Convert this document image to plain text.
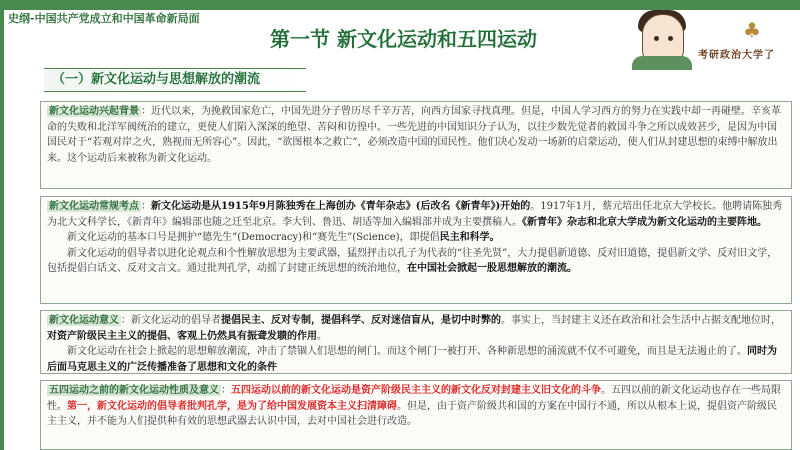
史纲-中国共产党成立和中国革命新局面
第一节 新文化运动和五四运动	♣
考研政治大学了
（一）新文化运动与思想解放的潮流

新文化运动兴起背景 ：近代以来，为挽救国家危亡，中国先进分子曾历尽千辛万苦，向西方国家寻找真理。但是，中国人学习西方的努力在实践中却一再碰壁。辛亥革命的失败和北洋军阀统治的建立，更使人们陷入深深的绝望、苦闷和彷徨中。一些先进的中国知识分子认为，以往少数先觉者的救国斗争之所以成效甚少，是因为中国国民对于“若观对岸之火，熟视而无所容心”。因此，“欲图根本之救亡”，必须改造中国的国民性。他们决心发动一场新的启蒙运动，使人们从封建思想的束缚中解放出来。这个运动后来被称为新文化运动。

新文化运动常规考点 ：新文化运动是从1915年9月陈独秀在上海创办《青年杂志》(后改名《新青年》)开始的。1917年1月，蔡元培出任北京大学校长。他聘请陈独秀为北大文科学长，《新青年》编辑部也随之迁至北京。李大钊、鲁迅、胡适等加入编辑部并成为主要撰稿人。《新青年》杂志和北京大学成为新文化运动的主要阵地。

新文化运动的基本口号是拥护“德先生”(Democracy)和“赛先生”(Science)，即提倡民主和科学。

新文化运动的倡导者以进化论观点和个性解放思想为主要武器，猛烈抨击以孔子为代表的“往圣先贤”，大力提倡新道德、反对旧道德，提倡新文学、反对旧文学，包括提倡白话文、反对文言文。通过批判孔学，动摇了封建正统思想的统治地位，在中国社会掀起一股思想解放的潮流。

新文化运动意义 ：新文化运动的倡导者提倡民主、反对专制，提倡科学、反对迷信盲从，是切中时弊的。事实上，当封建主义还在政治和社会生活中占据支配地位时，对资产阶级民主主义的提倡、客观上仍然具有振聋发聩的作用。

新文化运动在社会上掀起的思想解放潮流，冲击了禁锢人们思想的闸门。而这个闸门一被打开、各种新思想的涌流就不仅不可避免，而且是无法遏止的了。同时为后面马克思主义的广泛传播准备了思想和文化的条件

五四运动之前的新文化运动性质及意义 ：五四运动以前的新文化运动是资产阶级民主主义的新文化反对封建主义旧文化的斗争。五四以前的新文化运动也存在一些局限性。第一，新文化运动的倡导者批判孔学，是为了给中国发展资本主义扫清障碍。但是，由于资产阶级共和国的方案在中国行不通，所以从根本上说，提倡资产阶级民主主义，并不能为人们提供种有效的思想武器去认识中国，去对中国社会进行改造。
